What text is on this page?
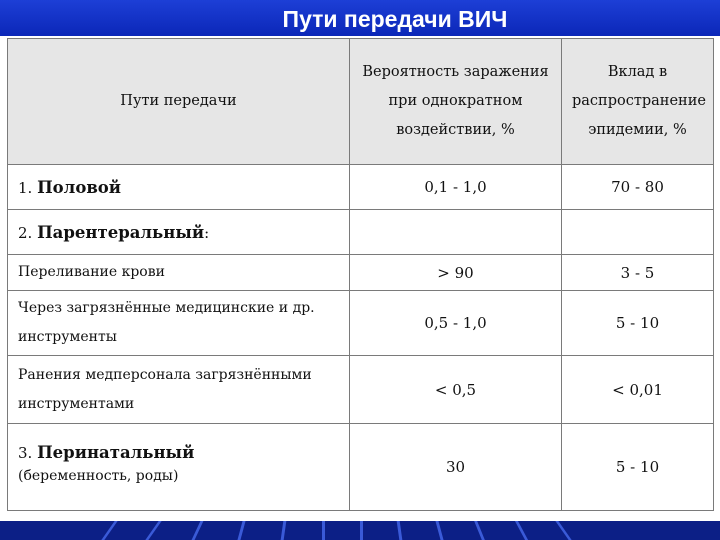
Пути передачи ВИЧ
Пути передачи	Вероятность заражения при однократном воздействии, %	Вклад в распространение эпидемии, %
1. Половой	0,1 - 1,0	70 - 80
2. Парентеральный:		
Переливание крови	> 90	3 - 5
Через загрязнённые медицинские и др. инструменты	0,5 - 1,0	5 - 10
Ранения медперсонала загрязнёнными инструментами	< 0,5	< 0,01

3. Перинатальный
(беременность, роды)	30	5 - 10
